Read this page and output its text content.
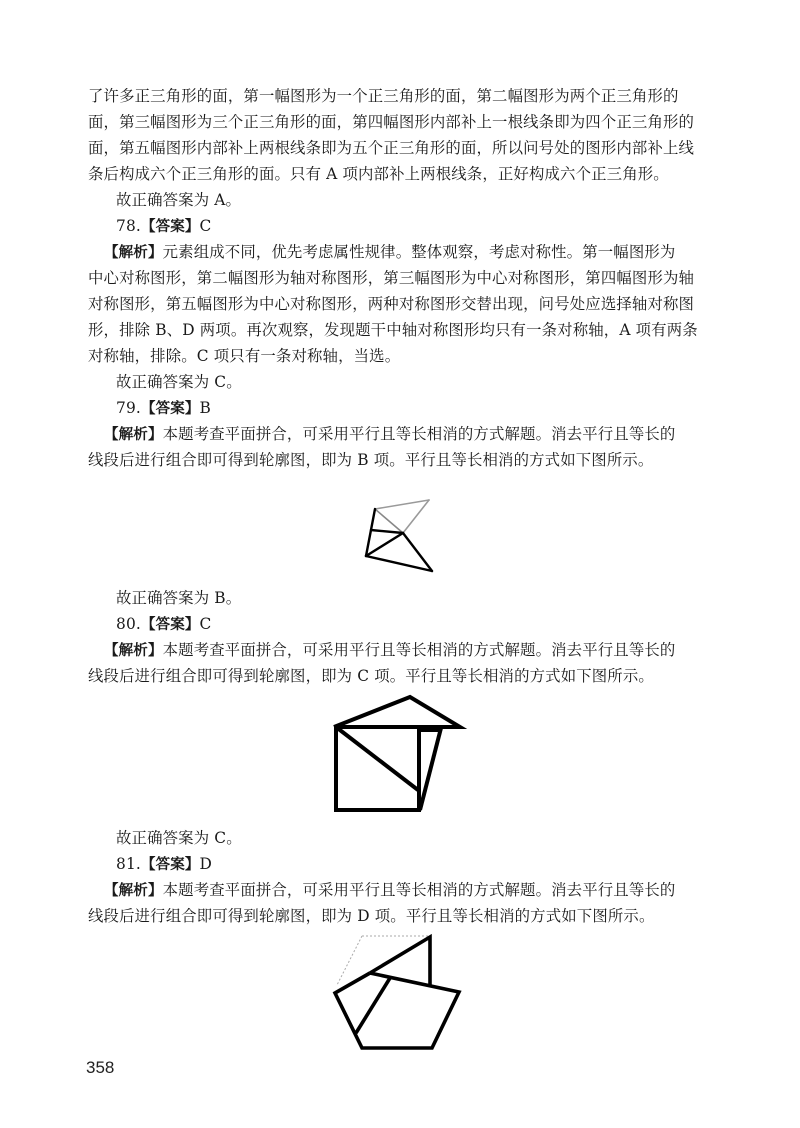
了许多正三角形的面，第一幅图形为一个正三角形的面，第二幅图形为两个正三角形的
面，第三幅图形为三个正三角形的面，第四幅图形内部补上一根线条即为四个正三角形的
面，第五幅图形内部补上两根线条即为五个正三角形的面，所以问号处的图形内部补上线
条后构成六个正三角形的面。只有 A 项内部补上两根线条，正好构成六个正三角形。
故正确答案为 A。
78.【答案】C
【解析】元素组成不同，优先考虑属性规律。整体观察，考虑对称性。第一幅图形为
中心对称图形，第二幅图形为轴对称图形，第三幅图形为中心对称图形，第四幅图形为轴
对称图形，第五幅图形为中心对称图形，两种对称图形交替出现，问号处应选择轴对称图
形，排除 B、D 两项。再次观察，发现题干中轴对称图形均只有一条对称轴，A 项有两条
对称轴，排除。C 项只有一条对称轴，当选。
故正确答案为 C。
79.【答案】B
【解析】本题考查平面拼合，可采用平行且等长相消的方式解题。消去平行且等长的
线段后进行组合即可得到轮廓图，即为 B 项。平行且等长相消的方式如下图所示。
故正确答案为 B。
80.【答案】C
【解析】本题考查平面拼合，可采用平行且等长相消的方式解题。消去平行且等长的
线段后进行组合即可得到轮廓图，即为 C 项。平行且等长相消的方式如下图所示。
故正确答案为 C。
81.【答案】D
【解析】本题考查平面拼合，可采用平行且等长相消的方式解题。消去平行且等长的
线段后进行组合即可得到轮廓图，即为 D 项。平行且等长相消的方式如下图所示。
358
